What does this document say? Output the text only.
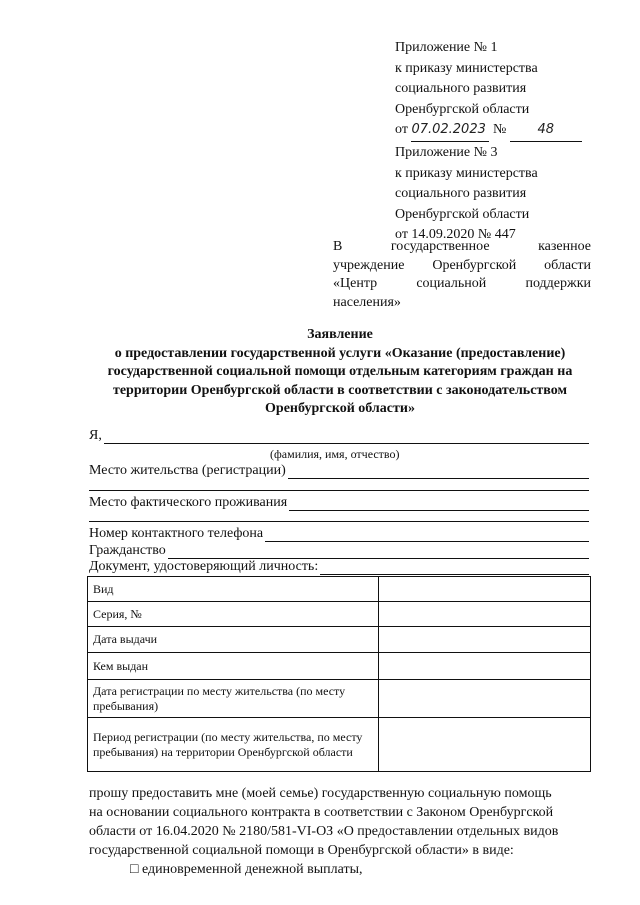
Приложение № 1
к приказу министерства
социального развития
Оренбургской области
от 07.02.2023 № 48
Приложение № 3
к приказу министерства
социального развития
Оренбургской области
от 14.09.2020 № 447
В	государственное	казенное
учреждение Оренбургской области
«Центр	социальной	поддержки
населения»
Заявление
о предоставлении государственной услуги «Оказание (предоставление)
государственной социальной помощи отдельным категориям граждан на
территории Оренбургской области в соответствии с законодательством
Оренбургской области»
Я,
(фамилия, имя, отчество)
Место жительства (регистрации)
Место фактического проживания
Номер контактного телефона
Гражданство
Документ, удостоверяющий личность:
Вид	
Серия, №	
Дата выдачи	
Кем выдан	
Дата регистрации по месту жительства (по месту пребывания)	
Период регистрации (по месту жительства, по месту пребывания) на территории Оренбургской области	
прошу предоставить мне (моей семье) государственную социальную помощь
на основании социального контракта в соответствии с Законом Оренбургской
области от 16.04.2020 № 2180/581-VI-ОЗ «О предоставлении отдельных видов
государственной социальной помощи в Оренбургской области» в виде:
□ единовременной денежной выплаты,
